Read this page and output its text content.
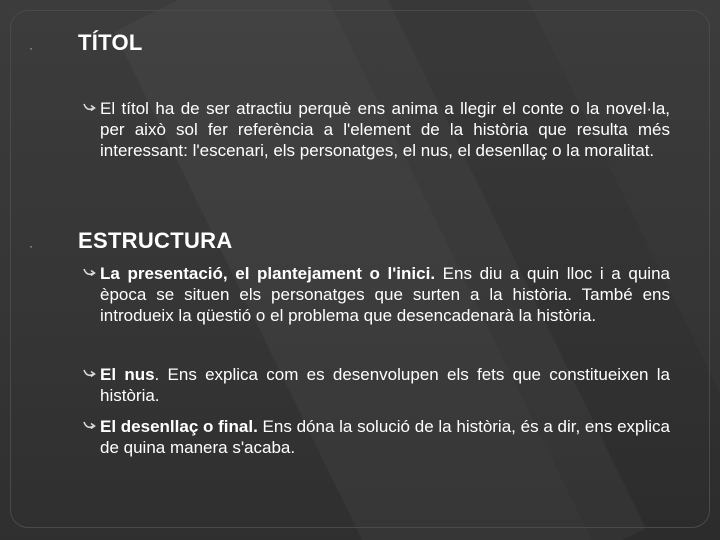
· TÍTOL
El títol ha de ser atractiu perquè ens anima a llegir el conte o la novel·la, per això sol fer referència a l'element de la història que resulta més interessant: l'escenari, els personatges, el nus, el desenllaç o la moralitat.
· ESTRUCTURA
La presentació, el plantejament o l'inici. Ens diu a quin lloc i a quina època se situen els personatges que surten a la història. També ens introdueix la qüestió o el problema que desencadenarà la història.
El nus. Ens explica com es desenvolupen els fets que constitueixen la història.
El desenllaç o final. Ens dóna la solució de la història, és a dir, ens explica de quina manera s'acaba.
